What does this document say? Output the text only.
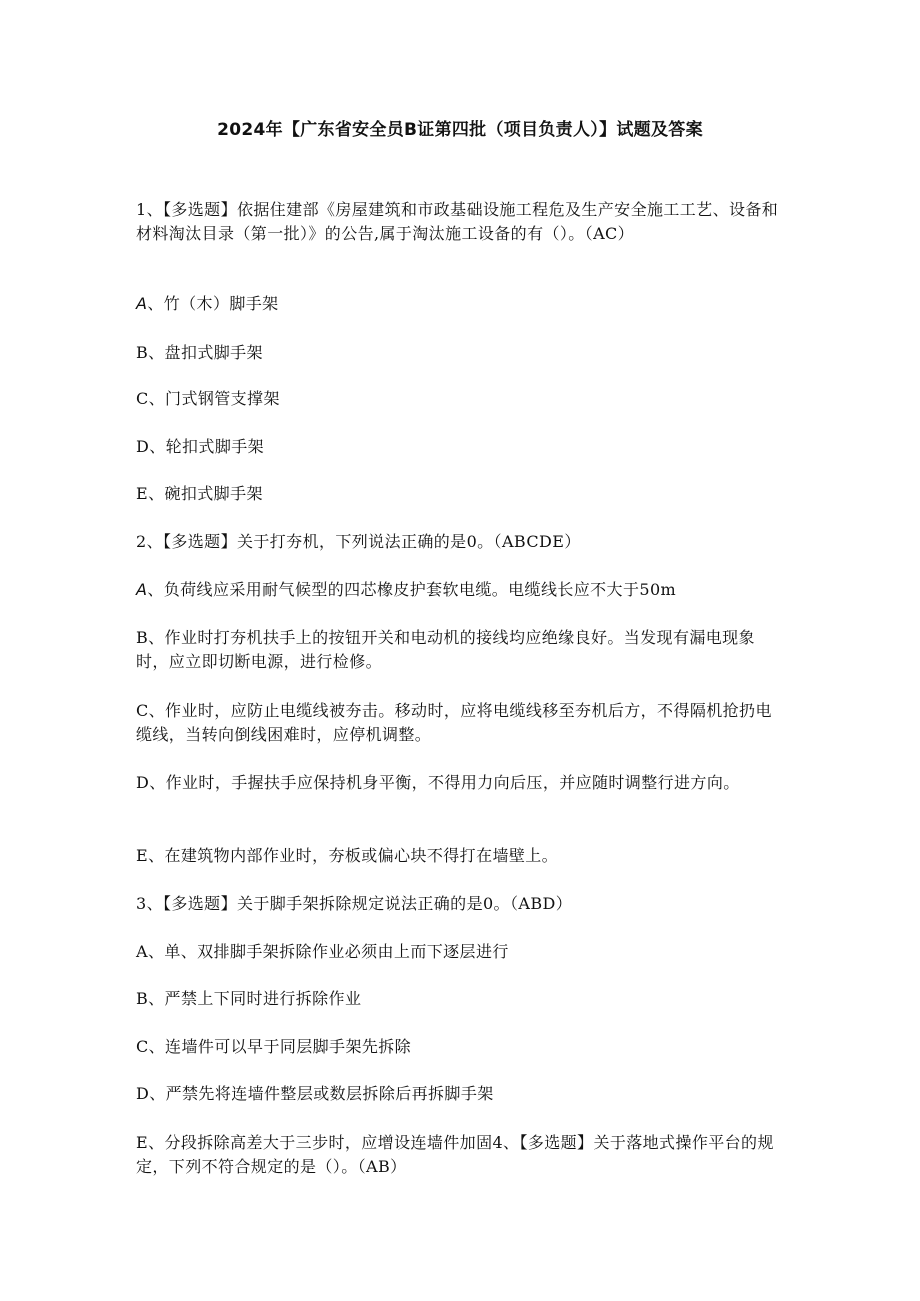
2024年【广东省安全员B证第四批（项目负责人）】试题及答案
1、【多选题】依据住建部《房屋建筑和市政基础设施工程危及生产安全施工工艺、设备和材料淘汰目录（第一批）》的公告,属于淘汰施工设备的有（）。（AC）
A、竹（木）脚手架
B、盘扣式脚手架
C、门式钢管支撑架
D、轮扣式脚手架
E、碗扣式脚手架
2、【多选题】关于打夯机，下列说法正确的是0。（ABCDE）
A、负荷线应采用耐气候型的四芯橡皮护套软电缆。电缆线长应不大于50m
B、作业时打夯机扶手上的按钮开关和电动机的接线均应绝缘良好。当发现有漏电现象时，应立即切断电源，进行检修。
C、作业时，应防止电缆线被夯击。移动时，应将电缆线移至夯机后方，不得隔机抢扔电缆线，当转向倒线困难时，应停机调整。
D、作业时，手握扶手应保持机身平衡，不得用力向后压，并应随时调整行进方向。
E、在建筑物内部作业时，夯板或偏心块不得打在墙壁上。
3、【多选题】关于脚手架拆除规定说法正确的是0。（ABD）
A、单、双排脚手架拆除作业必须由上而下逐层进行
B、严禁上下同时进行拆除作业
C、连墙件可以早于同层脚手架先拆除
D、严禁先将连墙件整层或数层拆除后再拆脚手架
E、分段拆除高差大于三步时，应增设连墙件加固4、【多选题】关于落地式操作平台的规定，下列不符合规定的是（）。（AB）
